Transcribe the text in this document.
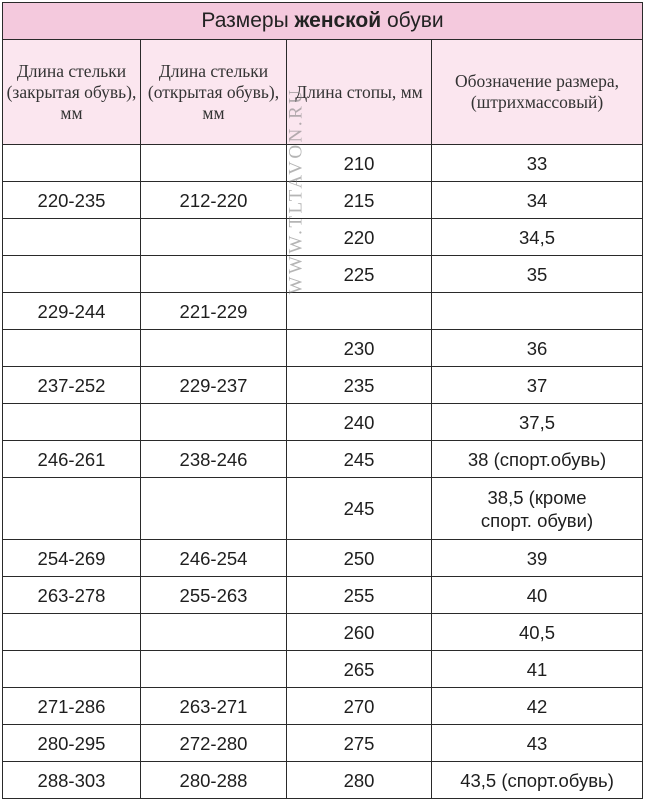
Размеры женской обуви			
Длина стельки (закрытая обувь), мм	Длина стельки (открытая обувь), мм	Длина стопы, мм	Обозначение размера, (штрихмассовый)
		210	33
220-235	212-220	215	34
		220	34,5
		225	35
229-244	221-229		
		230	36
237-252	229-237	235	37
		240	37,5
246-261	238-246	245	38 (спорт.обувь)
		245	38,5 (кроме спорт. обуви)
254-269	246-254	250	39
263-278	255-263	255	40
		260	40,5
		265	41
271-286	263-271	270	42
280-295	272-280	275	43
288-303	280-288	280	43,5 (спорт.обувь)
WWW.TLTAVON.RU
